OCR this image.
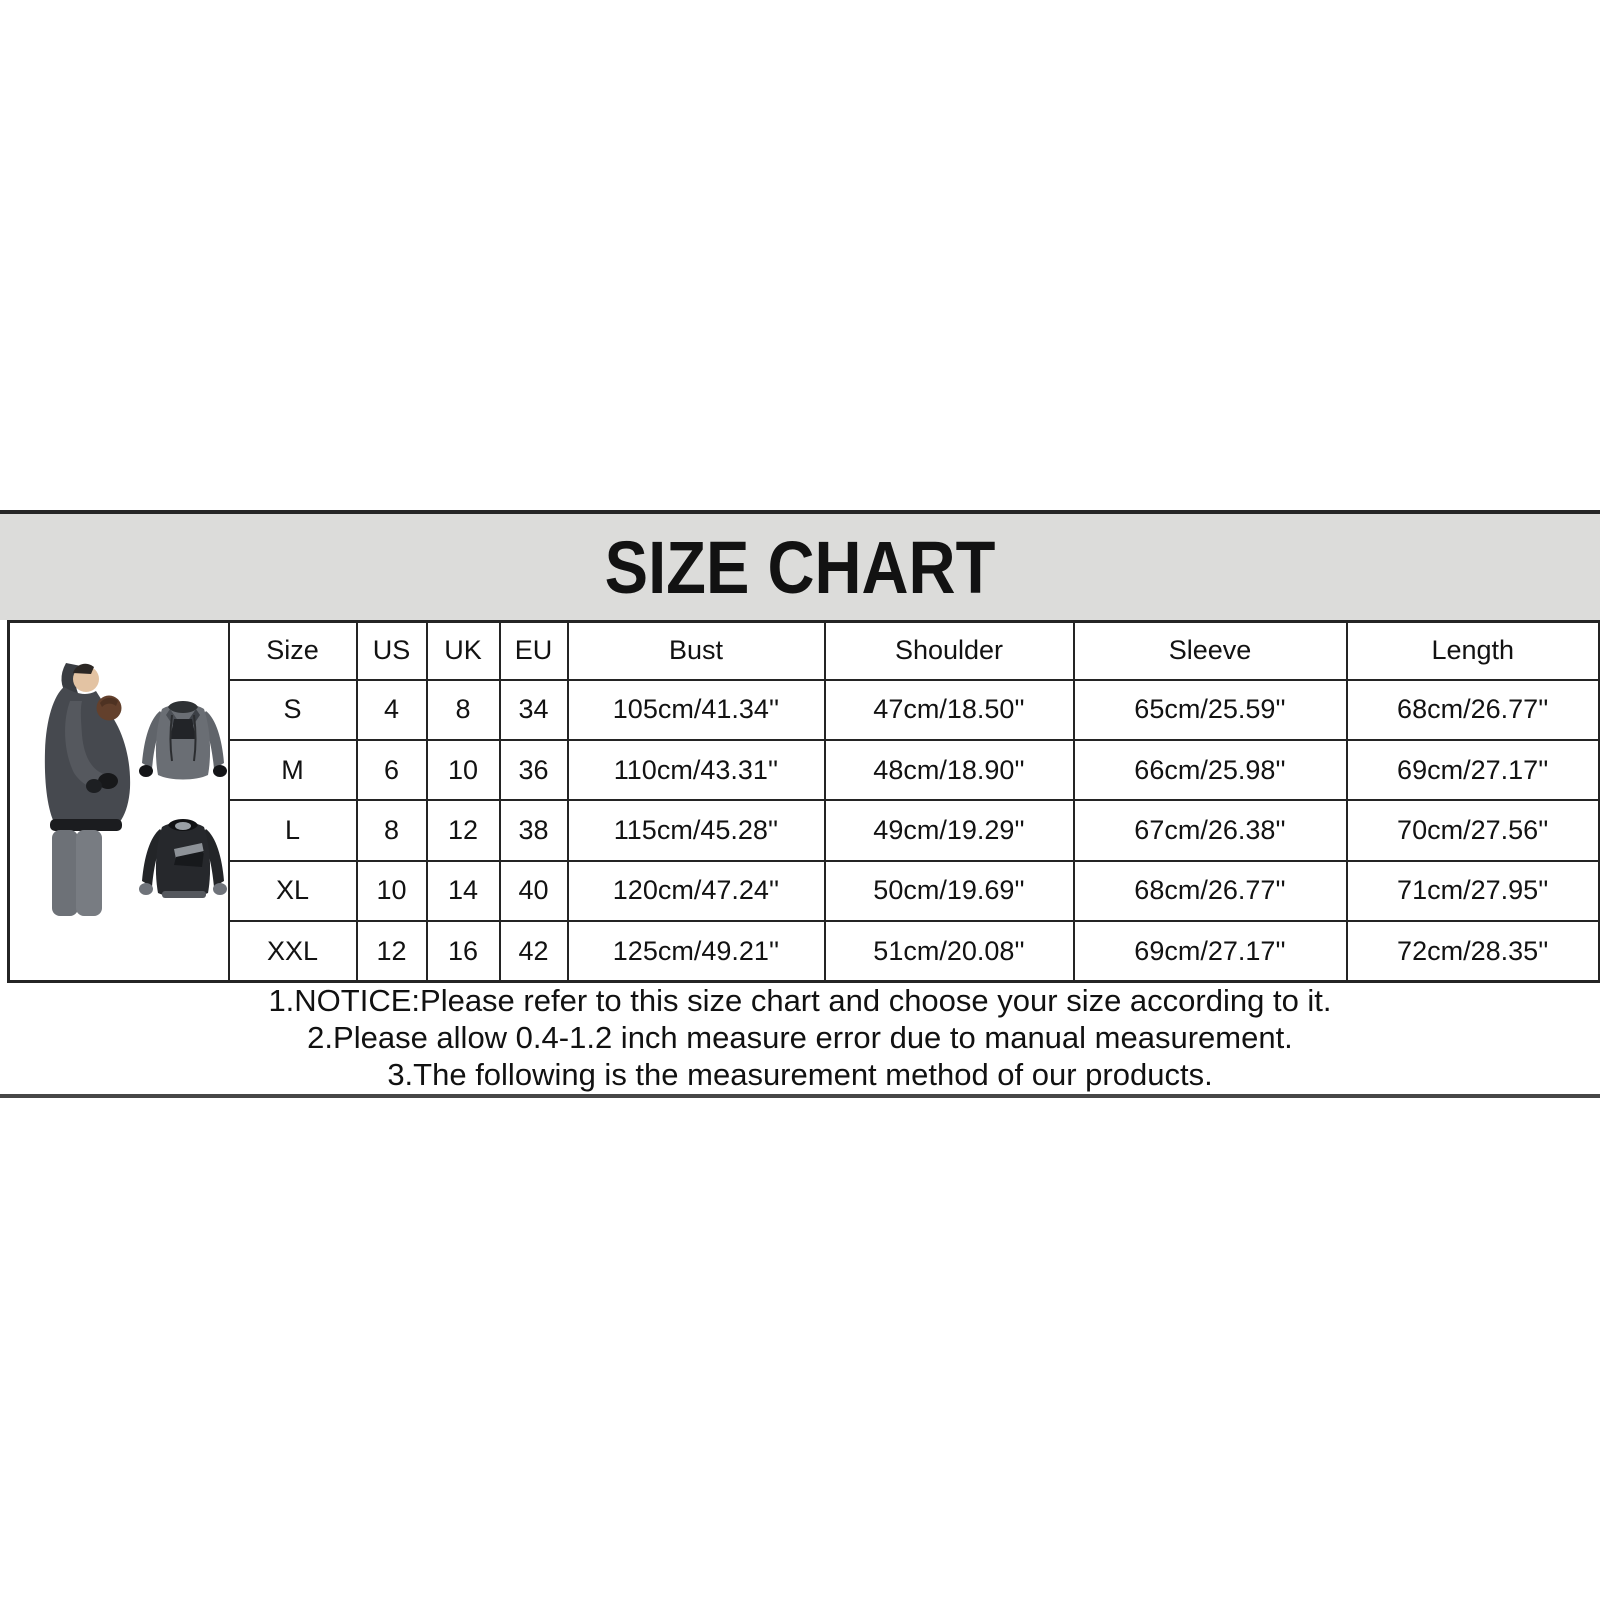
SIZE CHART
	Size	US	UK	EU	Bust	Shoulder	Sleeve	Length
	S	4	8	34	105cm/41.34''	47cm/18.50''	65cm/25.59''	68cm/26.77''
	M	6	10	36	110cm/43.31''	48cm/18.90''	66cm/25.98''	69cm/27.17''
	L	8	12	38	115cm/45.28''	49cm/19.29''	67cm/26.38''	70cm/27.56''
	XL	10	14	40	120cm/47.24''	50cm/19.69''	68cm/26.77''	71cm/27.95''
	XXL	12	16	42	125cm/49.21''	51cm/20.08''	69cm/27.17''	72cm/28.35''
1.NOTICE:Please refer to this size chart and choose your size according to it.
2.Please allow 0.4-1.2 inch measure error due to manual measurement.
3.The following is the measurement method of our products.
